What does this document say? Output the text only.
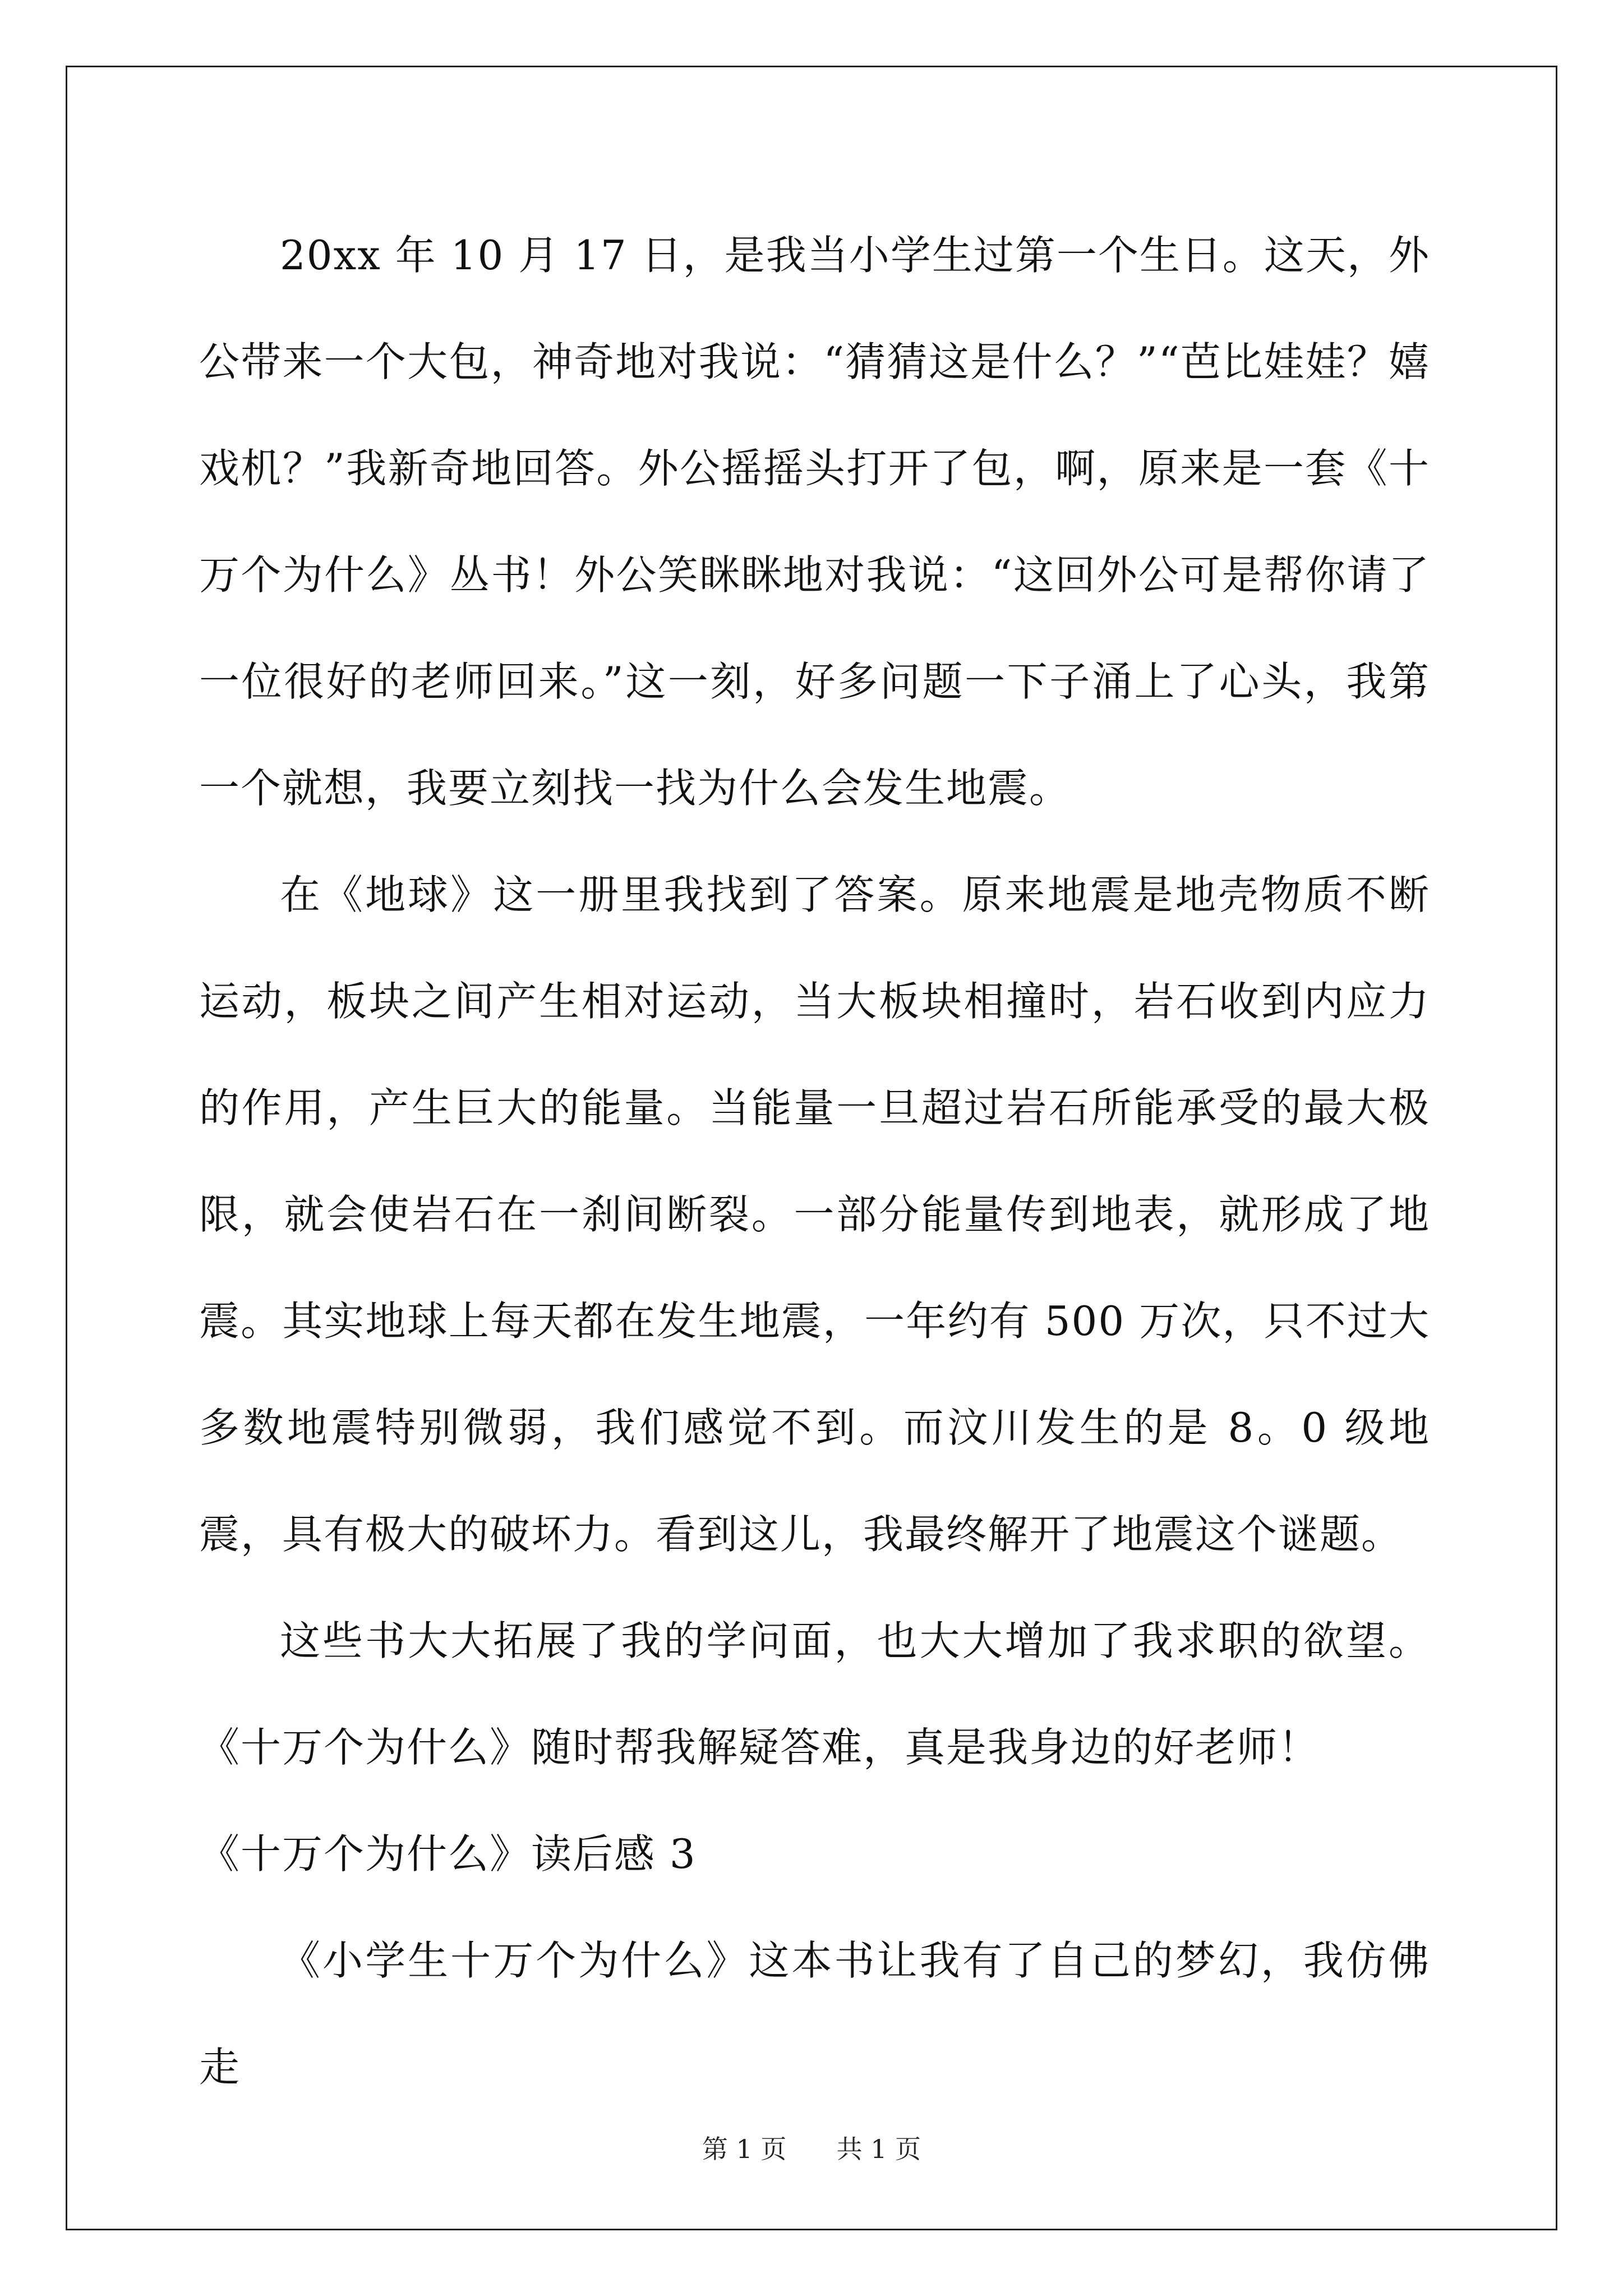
20xx 年 10 月 17 日，是我当小学生过第一个生日。这天，外公带来一个大包，神奇地对我说：“猜猜这是什么？”“芭比娃娃？嬉戏机？”我新奇地回答。外公摇摇头打开了包，啊，原来是一套《十万个为什么》丛书！外公笑眯眯地对我说：“这回外公可是帮你请了一位很好的老师回来。”这一刻，好多问题一下子涌上了心头，我第一个就想，我要立刻找一找为什么会发生地震。

在《地球》这一册里我找到了答案。原来地震是地壳物质不断运动，板块之间产生相对运动，当大板块相撞时，岩石收到内应力的作用，产生巨大的能量。当能量一旦超过岩石所能承受的最大极限，就会使岩石在一刹间断裂。一部分能量传到地表，就形成了地震。其实地球上每天都在发生地震，一年约有 500 万次，只不过大多数地震特别微弱，我们感觉不到。而汶川发生的是 8。0 级地震，具有极大的破坏力。看到这儿，我最终解开了地震这个谜题。

这些书大大拓展了我的学问面，也大大增加了我求职的欲望。《十万个为什么》随时帮我解疑答难，真是我身边的好老师！

《十万个为什么》读后感 3

《小学生十万个为什么》这本书让我有了自己的梦幻，我仿佛走

第 1 页 共 1 页
